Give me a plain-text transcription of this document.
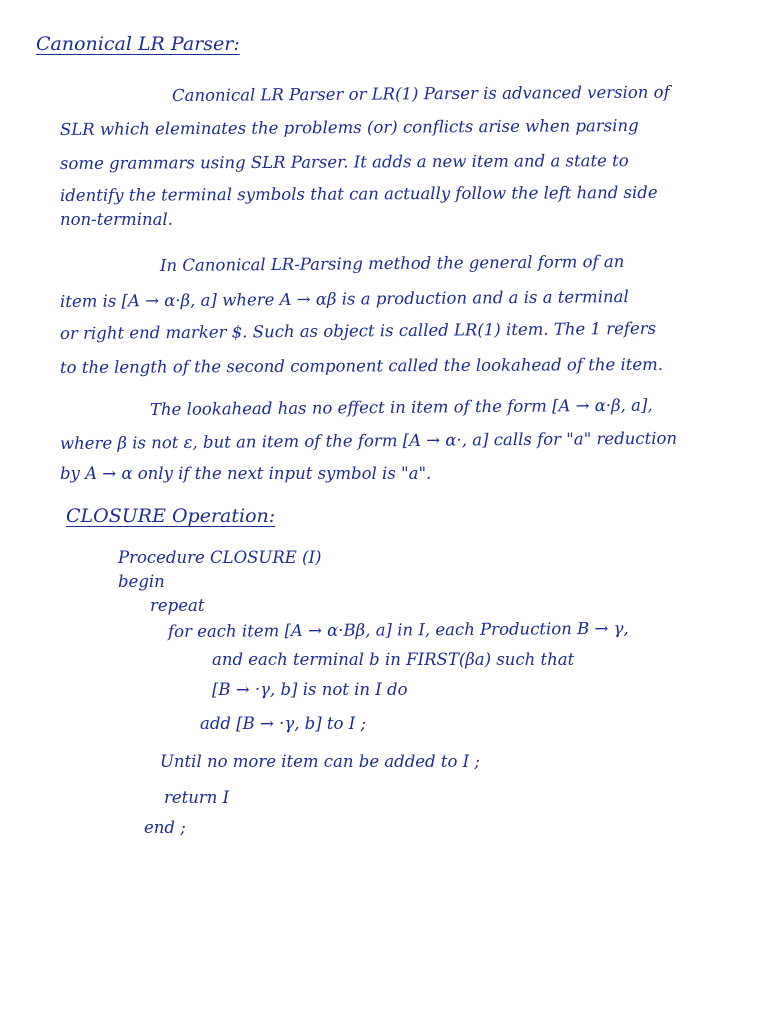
Canonical LR Parser:
Canonical LR Parser or LR(1) Parser is advanced version of
SLR which eleminates the problems (or) conflicts arise when parsing
some grammars using SLR Parser. It adds a new item and a state to
identify the terminal symbols that can actually follow the left hand side
non-terminal.
In Canonical LR-Parsing method the general form of an
item is [A → α·β, a] where A → αβ is a production and a is a terminal
or right end marker $. Such as object is called LR(1) item. The 1 refers
to the length of the second component called the lookahead of the item.
The lookahead has no effect in item of the form [A → α·β, a],
where β is not ε, but an item of the form [A → α·, a] calls for "a" reduction
by A → α only if the next input symbol is "a".
CLOSURE Operation:
Procedure CLOSURE (I)
begin
repeat
for each item [A → α·Bβ, a] in I, each Production B → γ,
and each terminal b in FIRST(βa) such that
[B → ·γ, b] is not in I do
add [B → ·γ, b] to I ;
Until no more item can be added to I ;
return I
end ;
